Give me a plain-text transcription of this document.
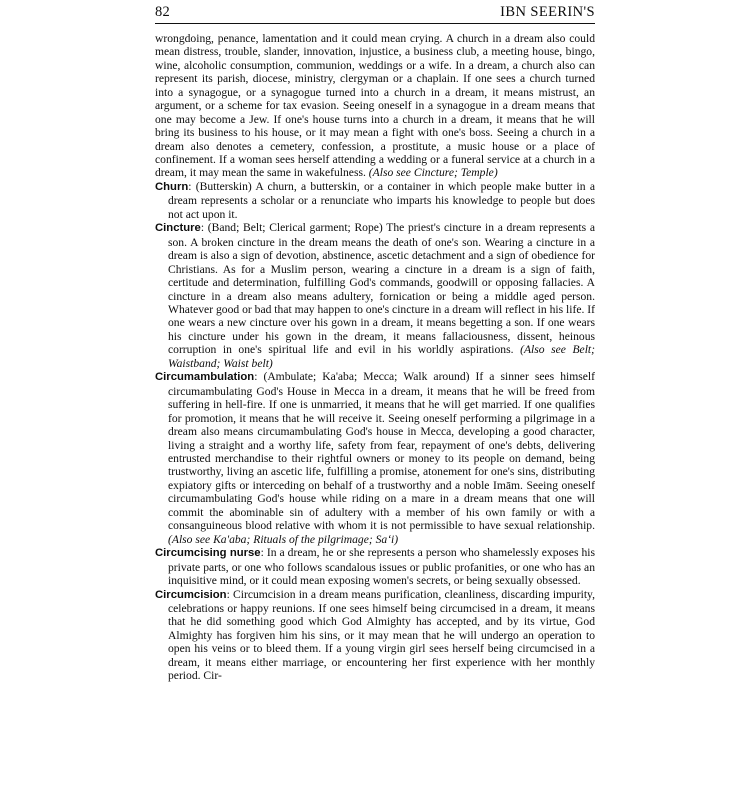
82	IBN SEERIN'S

wrongdoing, penance, lamentation and it could mean crying. A church in a dream also could mean distress, trouble, slander, innovation, injustice, a business club, a meeting house, bingo, wine, alcoholic consumption, communion, weddings or a wife. In a dream, a church also can represent its parish, diocese, ministry, clergyman or a chaplain. If one sees a church turned into a synagogue, or a synagogue turned into a church in a dream, it means mistrust, an argument, or a scheme for tax evasion. Seeing oneself in a synagogue in a dream means that one may become a Jew. If one's house turns into a church in a dream, it means that he will bring its business to his house, or it may mean a fight with one's boss. Seeing a church in a dream also denotes a cemetery, confession, a prostitute, a music house or a place of confinement. If a woman sees herself attending a wedding or a funeral service at a church in a dream, it may mean the same in wakefulness. (Also see Cincture; Temple)

Churn: (Butterskin) A churn, a butterskin, or a container in which people make butter in a dream represents a scholar or a renunciate who imparts his knowledge to people but does not act upon it.

Cincture: (Band; Belt; Clerical garment; Rope) The priest's cincture in a dream represents a son. A broken cincture in the dream means the death of one's son. Wearing a cincture in a dream is also a sign of devotion, abstinence, ascetic detachment and a sign of obedience for Christians. As for a Muslim person, wearing a cincture in a dream is a sign of faith, certitude and determination, fulfilling God's commands, goodwill or opposing fallacies. A cincture in a dream also means adultery, fornication or being a middle aged person. Whatever good or bad that may happen to one's cincture in a dream will reflect in his life. If one wears a new cincture over his gown in a dream, it means begetting a son. If one wears his cincture under his gown in the dream, it means fallaciousness, dissent, heinous corruption in one's spiritual life and evil in his worldly aspirations. (Also see Belt; Waistband; Waist belt)

Circumambulation: (Ambulate; Ka'aba; Mecca; Walk around) If a sinner sees himself circumambulating God's House in Mecca in a dream, it means that he will be freed from suffering in hell-fire. If one is unmarried, it means that he will get married. If one qualifies for promotion, it means that he will receive it. Seeing oneself performing a pilgrimage in a dream also means circumambulating God's house in Mecca, developing a good character, living a straight and a worthy life, safety from fear, repayment of one's debts, delivering entrusted merchandise to their rightful owners or money to its people on demand, being trustworthy, living an ascetic life, fulfilling a promise, atonement for one's sins, distributing expiatory gifts or interceding on behalf of a trustworthy and a noble Imām. Seeing oneself circumambulating God's house while riding on a mare in a dream means that one will commit the abominable sin of adultery with a member of his own family or with a consanguineous blood relative with whom it is not permissible to have sexual relationship. (Also see Ka'aba; Rituals of the pilgrimage; Saʻi)

Circumcising nurse: In a dream, he or she represents a person who shamelessly exposes his private parts, or one who follows scandalous issues or public profanities, or one who has an inquisitive mind, or it could mean exposing women's secrets, or being sexually obsessed.

Circumcision: Circumcision in a dream means purification, cleanliness, discarding impurity, celebrations or happy reunions. If one sees himself being circumcised in a dream, it means that he did something good which God Almighty has accepted, and by its virtue, God Almighty has forgiven him his sins, or it may mean that he will undergo an operation to open his veins or to bleed them. If a young virgin girl sees herself being circumcised in a dream, it means either marriage, or encountering her first experience with her monthly period. Cir-
